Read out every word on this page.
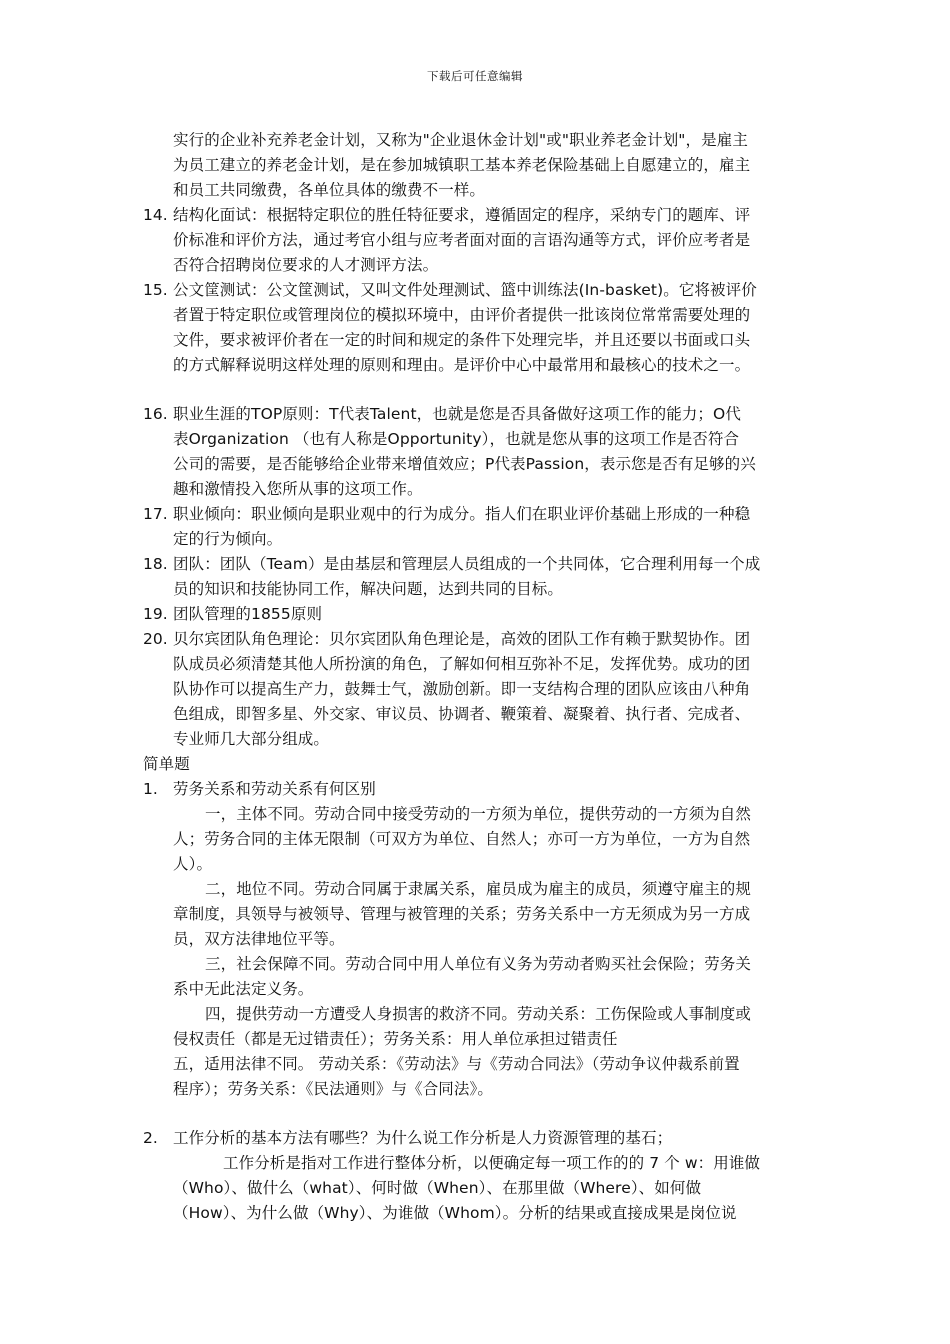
下载后可任意编辑
实行的企业补充养老金计划，又称为"企业退休金计划"或"职业养老金计划"，是雇主
为员工建立的养老金计划，是在参加城镇职工基本养老保险基础上自愿建立的，雇主
和员工共同缴费，各单位具体的缴费不一样。
14. 结构化面试：根据特定职位的胜任特征要求，遵循固定的程序，采纳专门的题库、评
价标准和评价方法，通过考官小组与应考者面对面的言语沟通等方式，评价应考者是
否符合招聘岗位要求的人才测评方法。
15. 公文筐测试：公文筐测试，又叫文件处理测试、篮中训练法(In-basket)。它将被评价
者置于特定职位或管理岗位的模拟环境中，由评价者提供一批该岗位常常需要处理的
文件，要求被评价者在一定的时间和规定的条件下处理完毕，并且还要以书面或口头
的方式解释说明这样处理的原则和理由。是评价中心中最常用和最核心的技术之一。
16. 职业生涯的TOP原则：T代表Talent，也就是您是否具备做好这项工作的能力；O代
表Organization （也有人称是Opportunity），也就是您从事的这项工作是否符合
公司的需要，是否能够给企业带来增值效应；P代表Passion，表示您是否有足够的兴
趣和激情投入您所从事的这项工作。
17. 职业倾向：职业倾向是职业观中的行为成分。指人们在职业评价基础上形成的一种稳
定的行为倾向。
18. 团队：团队（Team）是由基层和管理层人员组成的一个共同体，它合理利用每一个成
员的知识和技能协同工作，解决问题，达到共同的目标。
19. 团队管理的1855原则
20. 贝尔宾团队角色理论：贝尔宾团队角色理论是，高效的团队工作有赖于默契协作。团
队成员必须清楚其他人所扮演的角色，了解如何相互弥补不足，发挥优势。成功的团
队协作可以提高生产力，鼓舞士气，激励创新。即一支结构合理的团队应该由八种角
色组成，即智多星、外交家、审议员、协调者、鞭策着、凝聚着、执行者、完成者、
专业师几大部分组成。
简单题
1. 劳务关系和劳动关系有何区别
一，主体不同。劳动合同中接受劳动的一方须为单位，提供劳动的一方须为自然
人；劳务合同的主体无限制（可双方为单位、自然人；亦可一方为单位，一方为自然
人）。
二，地位不同。劳动合同属于隶属关系，雇员成为雇主的成员，须遵守雇主的规
章制度，具领导与被领导、管理与被管理的关系；劳务关系中一方无须成为另一方成
员，双方法律地位平等。
三，社会保障不同。劳动合同中用人单位有义务为劳动者购买社会保险；劳务关
系中无此法定义务。
四，提供劳动一方遭受人身损害的救济不同。劳动关系：工伤保险或人事制度或
侵权责任（都是无过错责任）；劳务关系：用人单位承担过错责任
五，适用法律不同。 劳动关系：《劳动法》与《劳动合同法》（劳动争议仲裁系前置
程序）；劳务关系：《民法通则》与《合同法》。
2. 工作分析的基本方法有哪些？为什么说工作分析是人力资源管理的基石；
工作分析是指对工作进行整体分析，以便确定每一项工作的的 7 个 w：用谁做
（Who）、做什么（what）、何时做（When）、在那里做（Where）、如何做
（How）、为什么做（Why）、为谁做（Whom）。分析的结果或直接成果是岗位说
